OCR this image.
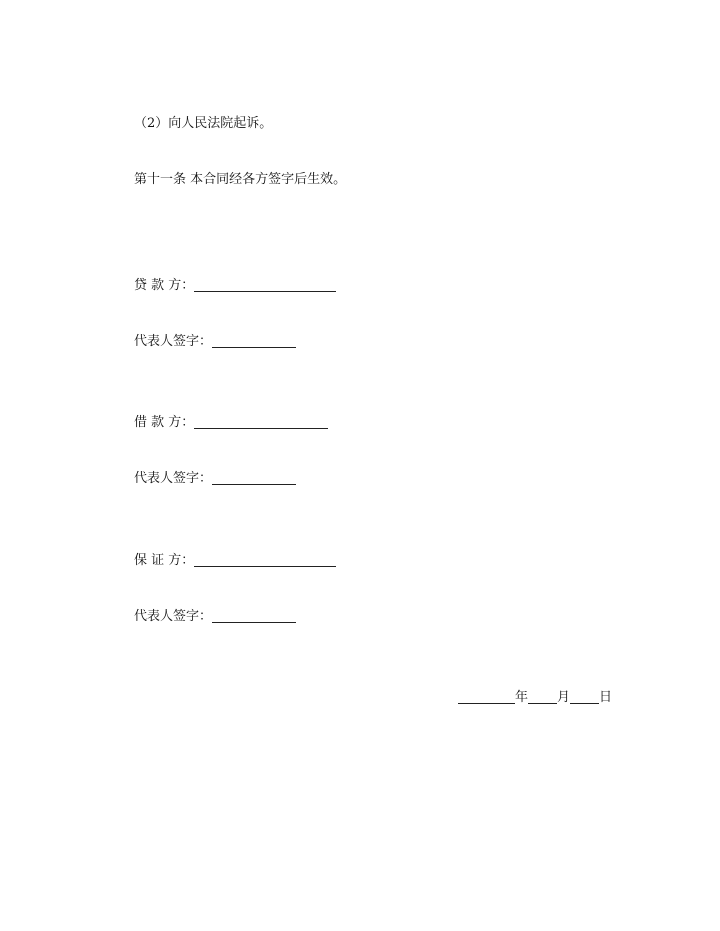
（2）向人民法院起诉。
第十一条 本合同经各方签字后生效。
贷 款 方：
代表人签字：
借 款 方：
代表人签字：
保 证 方：
代表人签字：
年 月 日
